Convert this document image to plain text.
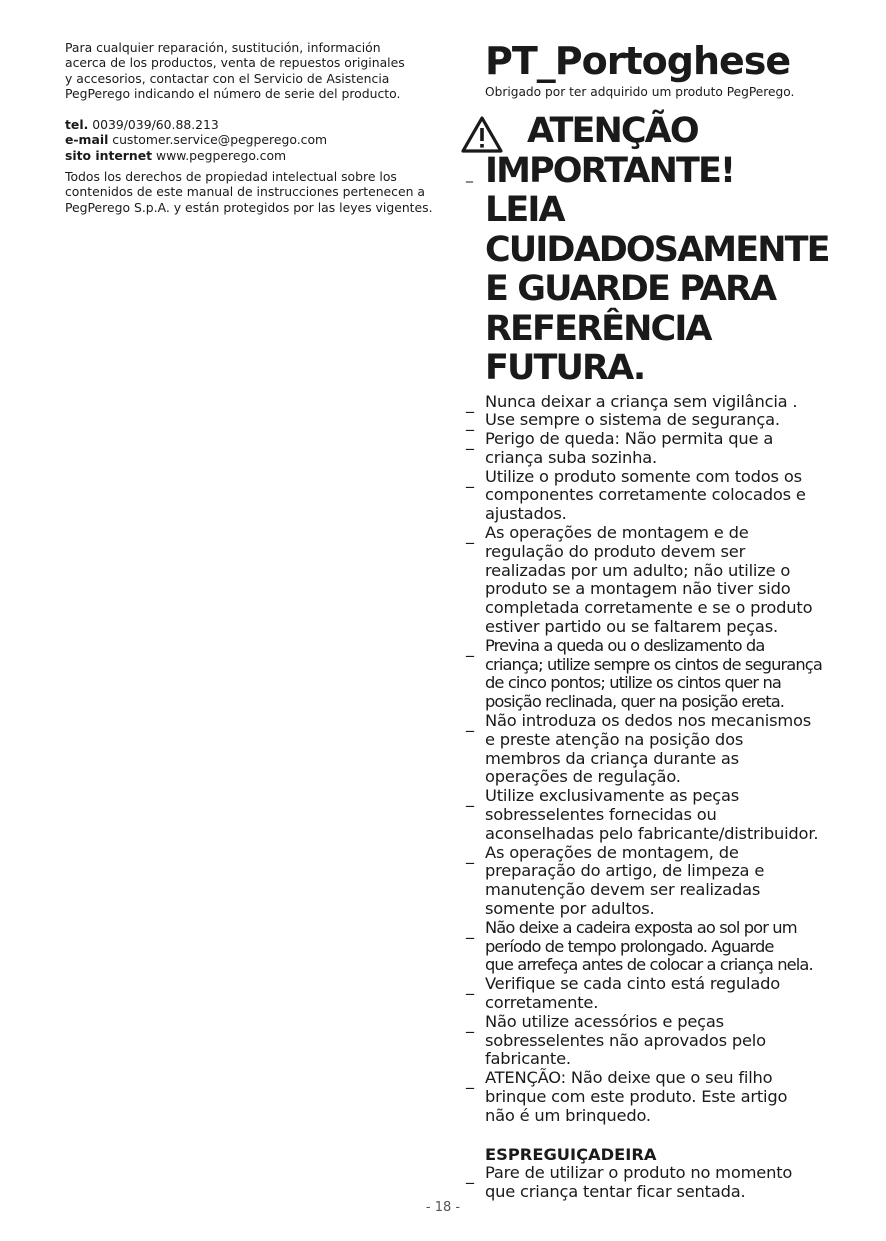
Para cualquier reparación, sustitución, información

acerca de los productos, venta de repuestos originales

y accesorios, contactar con el Servicio de Asistencia

PegPerego indicando el número de serie del producto.

tel. 0039/039/60.88.213

e-mail customer.service@pegperego.com

sito internet www.pegperego.com

Todos los derechos de propiedad intelectual sobre los

contenidos de este manual de instrucciones pertenecen a

PegPerego S.p.A. y están protegidos por las leyes vigentes.

PT_Portoghese

Obrigado por ter adquirido um produto PegPerego.

_
ATENÇÃO
IMPORTANTE!
LEIA
CUIDADOSAMENTE
E GUARDE PARA
REFERÊNCIA
FUTURA.
_ Nunca deixar a criança sem vigilância .
_ Use sempre o sistema de segurança.
_ Perigo de queda: Não permita que a
criança suba sozinha.
_ Utilize o produto somente com todos os
componentes corretamente colocados e
ajustados.
_ As operações de montagem e de
regulação do produto devem ser
realizadas por um adulto; não utilize o
produto se a montagem não tiver sido
completada corretamente e se o produto
estiver partido ou se faltarem peças.
_ Previna a queda ou o deslizamento da
criança; utilize sempre os cintos de segurança
de cinco pontos; utilize os cintos quer na
posição reclinada, quer na posição ereta.
_ Não introduza os dedos nos mecanismos
e preste atenção na posição dos
membros da criança durante as
operações de regulação.
_ Utilize exclusivamente as peças
sobresselentes fornecidas ou
aconselhadas pelo fabricante/distribuidor.
_ As operações de montagem, de
preparação do artigo, de limpeza e
manutenção devem ser realizadas
somente por adultos.
_ Não deixe a cadeira exposta ao sol por um
período de tempo prolongado. Aguarde
que arrefeça antes de colocar a criança nela.
_ Verifique se cada cinto está regulado
corretamente.
_ Não utilize acessórios e peças
sobresselentes não aprovados pelo
fabricante.
_ ATENÇÃO: Não deixe que o seu filho
brinque com este produto. Este artigo
não é um brinquedo.
ESPREGUIÇADEIRA
_ Pare de utilizar o produto no momento
que criança tentar ficar sentada.
- 18 -
